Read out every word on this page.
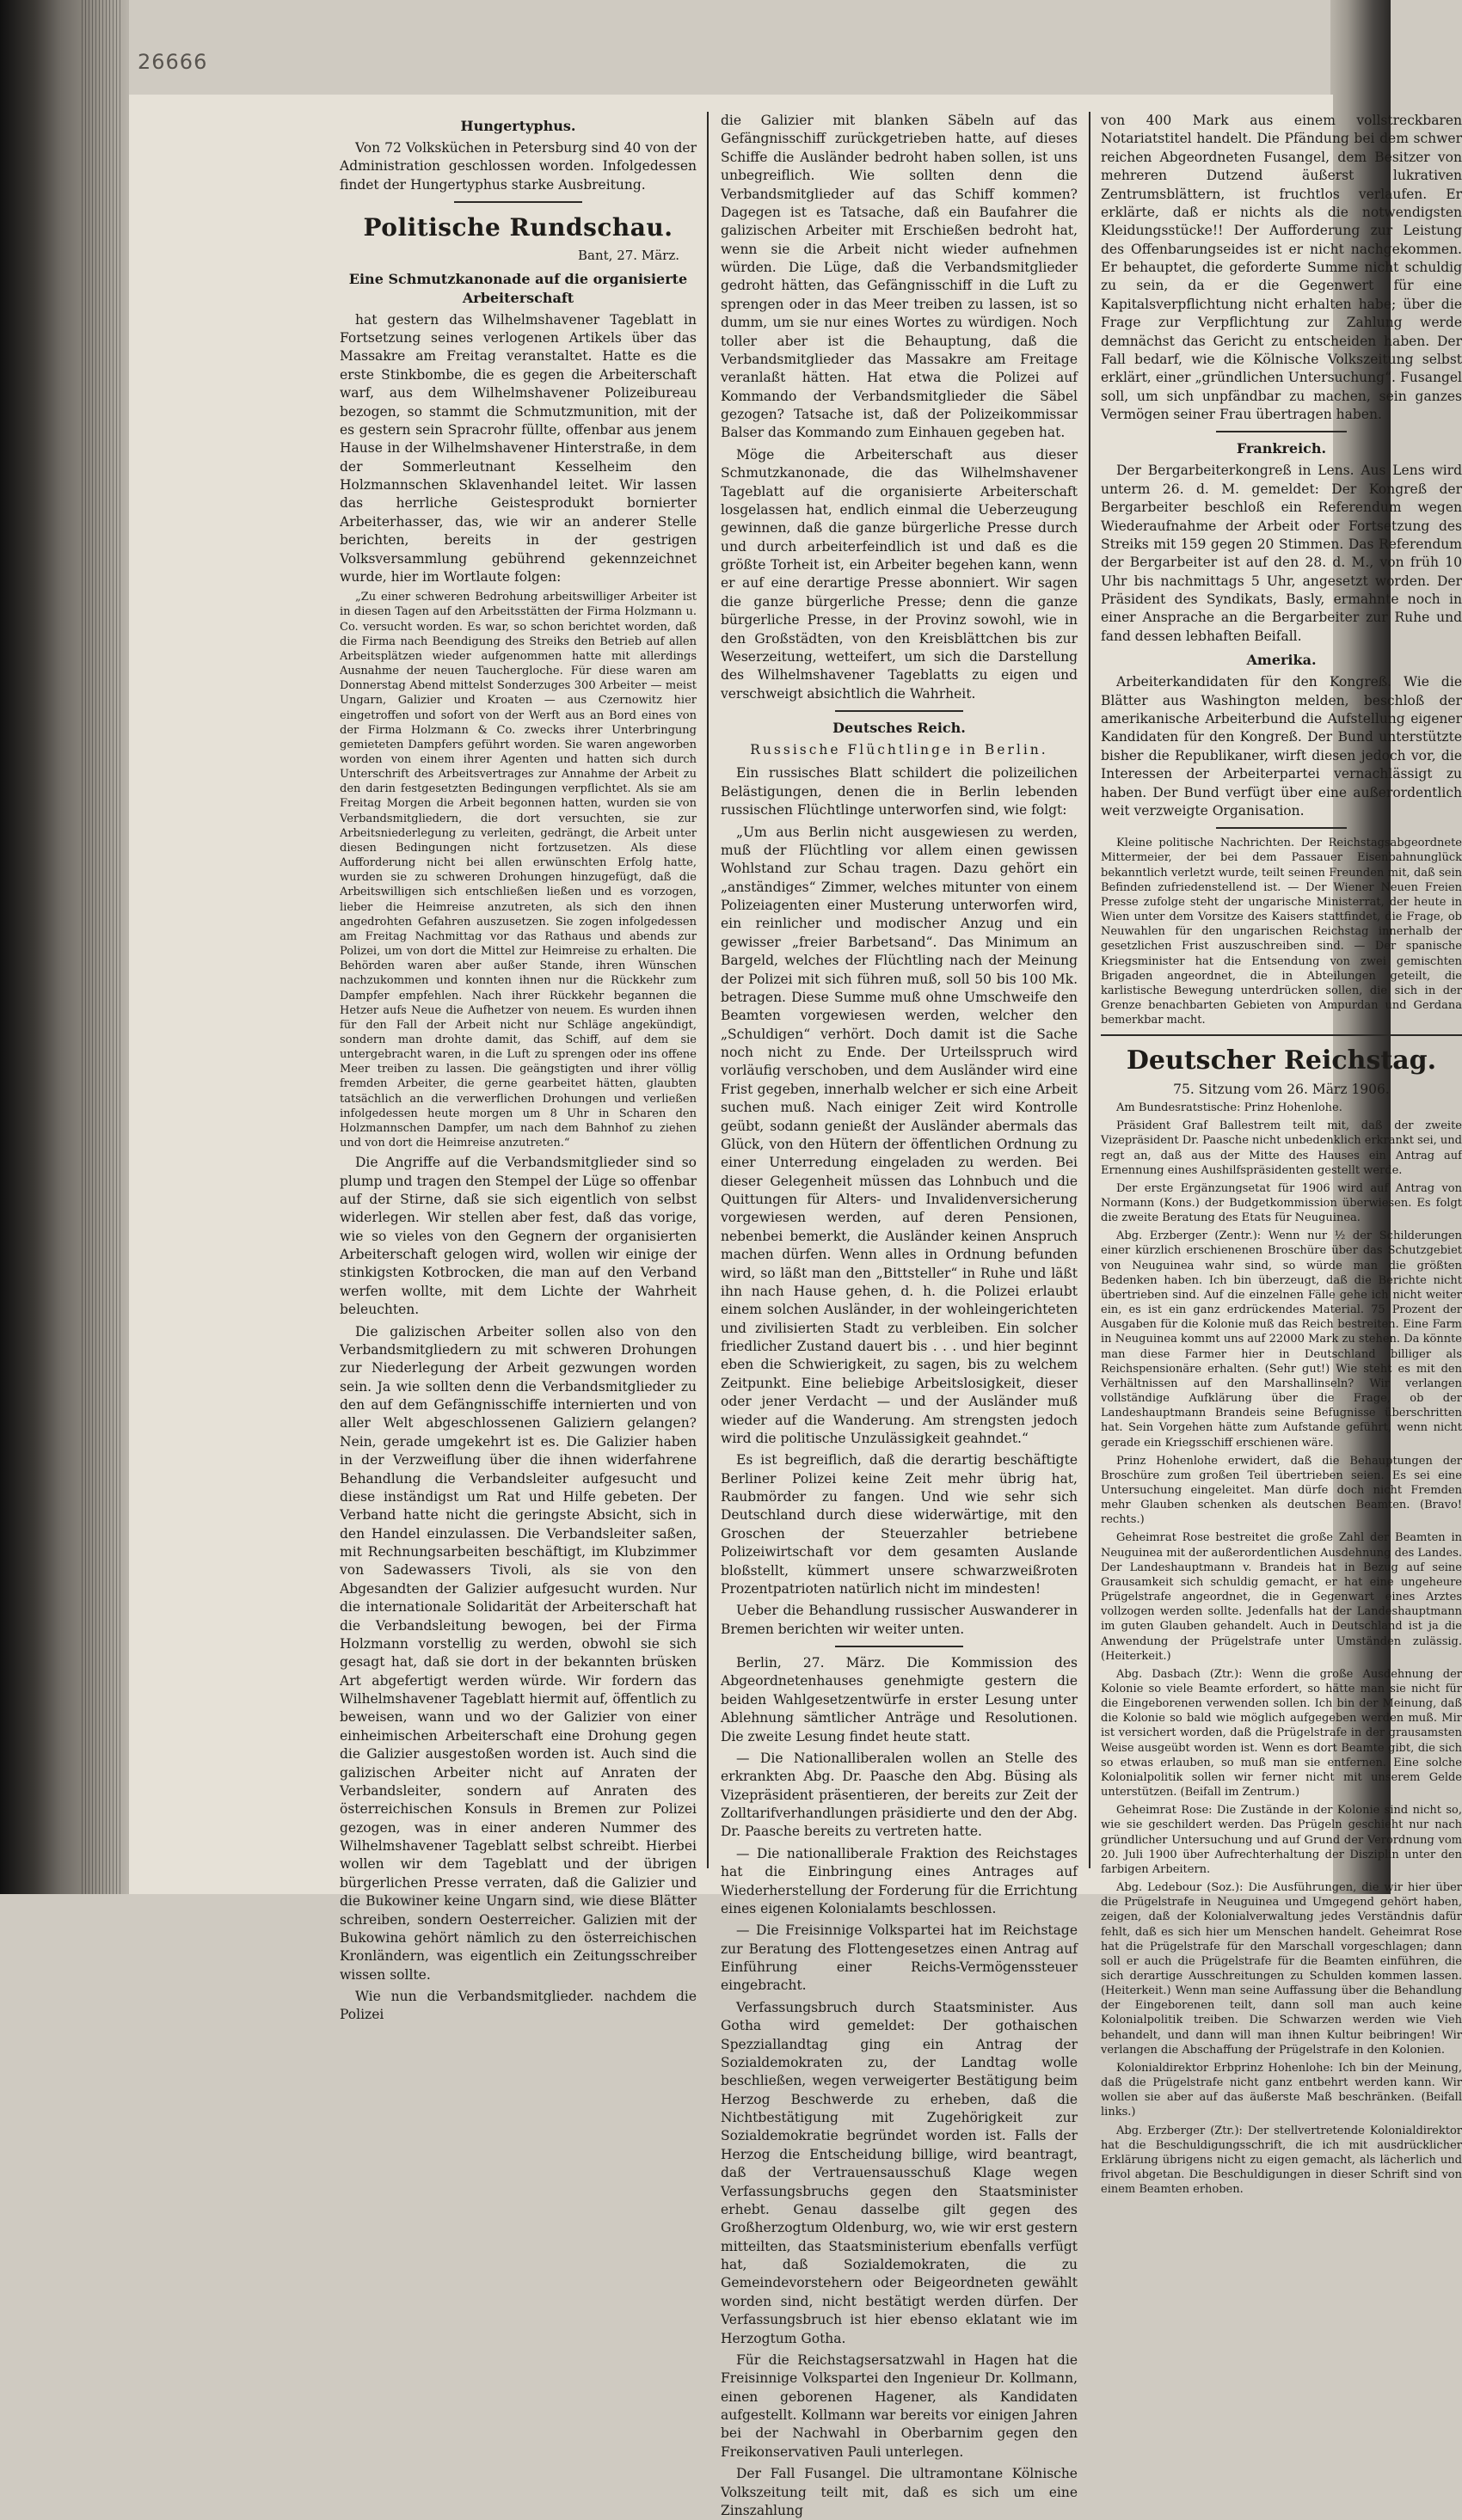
26666
Hungertyphus.

Von 72 Volksküchen in Petersburg sind 40 von der Administration geschlossen worden. Infolgedessen findet der Hungertyphus starke Ausbreitung.

Politische Rundschau.
Bant, 27. März.
Eine Schmutzkanonade auf die organisierte Arbeiterschaft

hat gestern das Wilhelmshavener Tageblatt in Fortsetzung seines verlogenen Artikels über das Massakre am Freitag veranstaltet. Hatte es die erste Stinkbombe, die es gegen die Arbeiterschaft warf, aus dem Wilhelmshavener Polizeibureau bezogen, so stammt die Schmutzmunition, mit der es gestern sein Spracrohr füllte, offenbar aus jenem Hause in der Wilhelmshavener Hinterstraße, in dem der Sommerleutnant Kesselheim den Holzmannschen Sklavenhandel leitet. Wir lassen das herrliche Geistesprodukt bornierter Arbeiterhasser, das, wie wir an anderer Stelle berichten, bereits in der gestrigen Volksversammlung gebührend gekennzeichnet wurde, hier im Wortlaute folgen:

„Zu einer schweren Bedrohung arbeitswilliger Arbeiter ist in diesen Tagen auf den Arbeitsstätten der Firma Holzmann u. Co. versucht worden. Es war, so schon berichtet worden, daß die Firma nach Beendigung des Streiks den Betrieb auf allen Arbeitsplätzen wieder aufgenommen hatte mit allerdings Ausnahme der neuen Tauchergloche. Für diese waren am Donnerstag Abend mittelst Sonderzuges 300 Arbeiter — meist Ungarn, Galizier und Kroaten — aus Czernowitz hier eingetroffen und sofort von der Werft aus an Bord eines von der Firma Holzmann & Co. zwecks ihrer Unterbringung gemieteten Dampfers geführt worden. Sie waren angeworben worden von einem ihrer Agenten und hatten sich durch Unterschrift des Arbeitsvertrages zur Annahme der Arbeit zu den darin festgesetzten Bedingungen verpflichtet. Als sie am Freitag Morgen die Arbeit begonnen hatten, wurden sie von Verbandsmitgliedern, die dort versuchten, sie zur Arbeitsniederlegung zu verleiten, gedrängt, die Arbeit unter diesen Bedingungen nicht fortzusetzen. Als diese Aufforderung nicht bei allen erwünschten Erfolg hatte, wurden sie zu schweren Drohungen hinzugefügt, daß die Arbeitswilligen sich entschließen ließen und es vorzogen, lieber die Heimreise anzutreten, als sich den ihnen angedrohten Gefahren auszusetzen. Sie zogen infolgedessen am Freitag Nachmittag vor das Rathaus und abends zur Polizei, um von dort die Mittel zur Heimreise zu erhalten. Die Behörden waren aber außer Stande, ihren Wünschen nachzukommen und konnten ihnen nur die Rückkehr zum Dampfer empfehlen. Nach ihrer Rückkehr begannen die Hetzer aufs Neue die Aufhetzer von neuem. Es wurden ihnen für den Fall der Arbeit nicht nur Schläge angekündigt, sondern man drohte damit, das Schiff, auf dem sie untergebracht waren, in die Luft zu sprengen oder ins offene Meer treiben zu lassen. Die geängstigten und ihrer völlig fremden Arbeiter, die gerne gearbeitet hätten, glaubten tatsächlich an die verwerflichen Drohungen und verließen infolgedessen heute morgen um 8 Uhr in Scharen den Holzmannschen Dampfer, um nach dem Bahnhof zu ziehen und von dort die Heimreise anzutreten.“

Die Angriffe auf die Verbandsmitglieder sind so plump und tragen den Stempel der Lüge so offenbar auf der Stirne, daß sie sich eigentlich von selbst widerlegen. Wir stellen aber fest, daß das vorige, wie so vieles von den Gegnern der organisierten Arbeiterschaft gelogen wird, wollen wir einige der stinkigsten Kotbrocken, die man auf den Verband werfen wollte, mit dem Lichte der Wahrheit beleuchten.

Die galizischen Arbeiter sollen also von den Verbandsmitgliedern zu mit schweren Drohungen zur Niederlegung der Arbeit gezwungen worden sein. Ja wie sollten denn die Verbandsmitglieder zu den auf dem Gefängnisschiffe internierten und von aller Welt abgeschlossenen Galiziern gelangen? Nein, gerade umgekehrt ist es. Die Galizier haben in der Verzweiflung über die ihnen widerfahrene Behandlung die Verbandsleiter aufgesucht und diese inständigst um Rat und Hilfe gebeten. Der Verband hatte nicht die geringste Absicht, sich in den Handel einzulassen. Die Verbandsleiter saßen, mit Rechnungsarbeiten beschäftigt, im Klubzimmer von Sadewassers Tivoli, als sie von den Abgesandten der Galizier aufgesucht wurden. Nur die internationale Solidarität der Arbeiterschaft hat die Verbandsleitung bewogen, bei der Firma Holzmann vorstellig zu werden, obwohl sie sich gesagt hat, daß sie dort in der bekannten brüsken Art abgefertigt werden würde. Wir fordern das Wilhelmshavener Tageblatt hiermit auf, öffentlich zu beweisen, wann und wo der Galizier von einer einheimischen Arbeiterschaft eine Drohung gegen die Galizier ausgestoßen worden ist. Auch sind die galizischen Arbeiter nicht auf Anraten der Verbandsleiter, sondern auf Anraten des österreichischen Konsuls in Bremen zur Polizei gezogen, was in einer anderen Nummer des Wilhelmshavener Tageblatt selbst schreibt. Hierbei wollen wir dem Tageblatt und der übrigen bürgerlichen Presse verraten, daß die Galizier und die Bukowiner keine Ungarn sind, wie diese Blätter schreiben, sondern Oesterreicher. Galizien mit der Bukowina gehört nämlich zu den österreichischen Kronländern, was eigentlich ein Zeitungsschreiber wissen sollte.

Wie nun die Verbandsmitglieder. nachdem die Polizei

die Galizier mit blanken Säbeln auf das Gefängnisschiff zurückgetrieben hatte, auf dieses Schiffe die Ausländer bedroht haben sollen, ist uns unbegreiflich. Wie sollten denn die Verbandsmitglieder auf das Schiff kommen? Dagegen ist es Tatsache, daß ein Baufahrer die galizischen Arbeiter mit Erschießen bedroht hat, wenn sie die Arbeit nicht wieder aufnehmen würden. Die Lüge, daß die Verbandsmitglieder gedroht hätten, das Gefängnisschiff in die Luft zu sprengen oder in das Meer treiben zu lassen, ist so dumm, um sie nur eines Wortes zu würdigen. Noch toller aber ist die Behauptung, daß die Verbandsmitglieder das Massakre am Freitage veranlaßt hätten. Hat etwa die Polizei auf Kommando der Verbandsmitglieder die Säbel gezogen? Tatsache ist, daß der Polizeikommissar Balser das Kommando zum Einhauen gegeben hat.

Möge die Arbeiterschaft aus dieser Schmutzkanonade, die das Wilhelmshavener Tageblatt auf die organisierte Arbeiterschaft losgelassen hat, endlich einmal die Ueberzeugung gewinnen, daß die ganze bürgerliche Presse durch und durch arbeiterfeindlich ist und daß es die größte Torheit ist, ein Arbeiter begehen kann, wenn er auf eine derartige Presse abonniert. Wir sagen die ganze bürgerliche Presse; denn die ganze bürgerliche Presse, in der Provinz sowohl, wie in den Großstädten, von den Kreisblättchen bis zur Weserzeitung, wetteifert, um sich die Darstellung des Wilhelmshavener Tageblatts zu eigen und verschweigt absichtlich die Wahrheit.

Deutsches Reich.
Russische Flüchtlinge in Berlin.

Ein russisches Blatt schildert die polizeilichen Belästigungen, denen die in Berlin lebenden russischen Flüchtlinge unterworfen sind, wie folgt:

„Um aus Berlin nicht ausgewiesen zu werden, muß der Flüchtling vor allem einen gewissen Wohlstand zur Schau tragen. Dazu gehört ein „anständiges“ Zimmer, welches mitunter von einem Polizeiagenten einer Musterung unterworfen wird, ein reinlicher und modischer Anzug und ein gewisser „freier Barbetsand“. Das Minimum an Bargeld, welches der Flüchtling nach der Meinung der Polizei mit sich führen muß, soll 50 bis 100 Mk. betragen. Diese Summe muß ohne Umschweife den Beamten vorgewiesen werden, welcher den „Schuldigen“ verhört. Doch damit ist die Sache noch nicht zu Ende. Der Urteilsspruch wird vorläufig verschoben, und dem Ausländer wird eine Frist gegeben, innerhalb welcher er sich eine Arbeit suchen muß. Nach einiger Zeit wird Kontrolle geübt, sodann genießt der Ausländer abermals das Glück, von den Hütern der öffentlichen Ordnung zu einer Unterredung eingeladen zu werden. Bei dieser Gelegenheit müssen das Lohnbuch und die Quittungen für Alters- und Invalidenversicherung vorgewiesen werden, auf deren Pensionen, nebenbei bemerkt, die Ausländer keinen Anspruch machen dürfen. Wenn alles in Ordnung befunden wird, so läßt man den „Bittsteller“ in Ruhe und läßt ihn nach Hause gehen, d. h. die Polizei erlaubt einem solchen Ausländer, in der wohleingerichteten und zivilisierten Stadt zu verbleiben. Ein solcher friedlicher Zustand dauert bis . . . und hier beginnt eben die Schwierigkeit, zu sagen, bis zu welchem Zeitpunkt. Eine beliebige Arbeitslosigkeit, dieser oder jener Verdacht — und der Ausländer muß wieder auf die Wanderung. Am strengsten jedoch wird die politische Unzulässigkeit geahndet.“

Es ist begreiflich, daß die derartig beschäftigte Berliner Polizei keine Zeit mehr übrig hat, Raubmörder zu fangen. Und wie sehr sich Deutschland durch diese widerwärtige, mit den Groschen der Steuerzahler betriebene Polizeiwirtschaft vor dem gesamten Auslande bloßstellt, kümmert unsere schwarzweißroten Prozentpatrioten natürlich nicht im mindesten!

Ueber die Behandlung russischer Auswanderer in Bremen berichten wir weiter unten.

Berlin, 27. März. Die Kommission des Abgeordnetenhauses genehmigte gestern die beiden Wahlgesetzentwürfe in erster Lesung unter Ablehnung sämtlicher Anträge und Resolutionen. Die zweite Lesung findet heute statt.

— Die Nationalliberalen wollen an Stelle des erkrankten Abg. Dr. Paasche den Abg. Büsing als Vizepräsident präsentieren, der bereits zur Zeit der Zolltarifverhandlungen präsidierte und den der Abg. Dr. Paasche bereits zu vertreten hatte.

— Die nationalliberale Fraktion des Reichstages hat die Einbringung eines Antrages auf Wiederherstellung der Forderung für die Errichtung eines eigenen Kolonialamts beschlossen.

— Die Freisinnige Volkspartei hat im Reichstage zur Beratung des Flottengesetzes einen Antrag auf Einführung einer Reichs-Vermögenssteuer eingebracht.

Verfassungsbruch durch Staatsminister. Aus Gotha wird gemeldet: Der gothaischen Spezziallandtag ging ein Antrag der Sozialdemokraten zu, der Landtag wolle beschließen, wegen verweigerter Bestätigung beim Herzog Beschwerde zu erheben, daß die Nichtbestätigung mit Zugehörigkeit zur Sozialdemokratie begründet worden ist. Falls der Herzog die Entscheidung billige, wird beantragt, daß der Vertrauensausschuß Klage wegen Verfassungsbruchs gegen den Staatsminister erhebt. Genau dasselbe gilt gegen des Großherzogtum Oldenburg, wo, wie wir erst gestern mitteilten, das Staatsministerium ebenfalls verfügt hat, daß Sozialdemokraten, die zu Gemeindevorstehern oder Beigeordneten gewählt worden sind, nicht bestätigt werden dürfen. Der Verfassungsbruch ist hier ebenso eklatant wie im Herzogtum Gotha.

Für die Reichstagsersatzwahl in Hagen hat die Freisinnige Volkspartei den Ingenieur Dr. Kollmann, einen geborenen Hagener, als Kandidaten aufgestellt. Kollmann war bereits vor einigen Jahren bei der Nachwahl in Oberbarnim gegen den Freikonservativen Pauli unterlegen.

Der Fall Fusangel. Die ultramontane Kölnische Volkszeitung teilt mit, daß es sich um eine Zinszahlung

von 400 Mark aus einem vollstreckbaren Notariatstitel handelt. Die Pfändung bei dem schwer reichen Abgeordneten Fusangel, dem Besitzer von mehreren Dutzend äußerst lukrativen Zentrumsblättern, ist fruchtlos verlaufen. Er erklärte, daß er nichts als die notwendigsten Kleidungsstücke!! Der Aufforderung zur Leistung des Offenbarungseides ist er nicht nachgekommen. Er behauptet, die geforderte Summe nicht schuldig zu sein, da er die Gegenwert für eine Kapitalsverpflichtung nicht erhalten habe; über die Frage zur Verpflichtung zur Zahlung werde demnächst das Gericht zu entscheiden haben. Der Fall bedarf, wie die Kölnische Volkszeitung selbst erklärt, einer „gründlichen Untersuchung“. Fusangel soll, um sich unpfändbar zu machen, sein ganzes Vermögen seiner Frau übertragen haben.

Frankreich.

Der Bergarbeiterkongreß in Lens. Aus Lens wird unterm 26. d. M. gemeldet: Der Kongreß der Bergarbeiter beschloß ein Referendum wegen Wiederaufnahme der Arbeit oder Fortsetzung des Streiks mit 159 gegen 20 Stimmen. Das Referendum der Bergarbeiter ist auf den 28. d. M., von früh 10 Uhr bis nachmittags 5 Uhr, angesetzt worden. Der Präsident des Syndikats, Basly, ermahnte noch in einer Ansprache an die Bergarbeiter zur Ruhe und fand dessen lebhaften Beifall.

Amerika.

Arbeiterkandidaten für den Kongreß. Wie die Blätter aus Washington melden, beschloß der amerikanische Arbeiterbund die Aufstellung eigener Kandidaten für den Kongreß. Der Bund unterstützte bisher die Republikaner, wirft diesen jedoch vor, die Interessen der Arbeiterpartei vernachlässigt zu haben. Der Bund verfügt über eine außerordentlich weit verzweigte Organisation.

Kleine politische Nachrichten. Der Reichstagsabgeordnete Mittermeier, der bei dem Passauer Eisenbahnunglück bekanntlich verletzt wurde, teilt seinen Freunden mit, daß sein Befinden zufriedenstellend ist. — Der Wiener Neuen Freien Presse zufolge steht der ungarische Ministerrat, der heute in Wien unter dem Vorsitze des Kaisers stattfindet, die Frage, ob Neuwahlen für den ungarischen Reichstag innerhalb der gesetzlichen Frist auszuschreiben sind. — Der spanische Kriegsminister hat die Entsendung von zwei gemischten Brigaden angeordnet, die in Abteilungen geteilt, die karlistische Bewegung unterdrücken sollen, die sich in der Grenze benachbarten Gebieten von Ampurdan und Gerdana bemerkbar macht.

Deutscher Reichstag.
75. Sitzung vom 26. März 1906.

Am Bundesratstische: Prinz Hohenlohe.

Präsident Graf Ballestrem teilt mit, daß der zweite Vizepräsident Dr. Paasche nicht unbedenklich erkrankt sei, und regt an, daß aus der Mitte des Hauses ein Antrag auf Ernennung eines Aushilfspräsidenten gestellt werde.

Der erste Ergänzungsetat für 1906 wird auf Antrag von Normann (Kons.) der Budgetkommission überwiesen. Es folgt die zweite Beratung des Etats für Neuguinea.

Abg. Erzberger (Zentr.): Wenn nur ½ der Schilderungen einer kürzlich erschienenen Broschüre über das Schutzgebiet von Neuguinea wahr sind, so würde man die größten Bedenken haben. Ich bin überzeugt, daß die Berichte nicht übertrieben sind. Auf die einzelnen Fälle gehe ich nicht weiter ein, es ist ein ganz erdrückendes Material. 75 Prozent der Ausgaben für die Kolonie muß das Reich bestreiten. Eine Farm in Neuguinea kommt uns auf 22000 Mark zu stehen. Da könnte man diese Farmer hier in Deutschland billiger als Reichspensionäre erhalten. (Sehr gut!) Wie steht es mit den Verhältnissen auf den Marshallinseln? Wir verlangen vollständige Aufklärung über die Frage, ob der Landeshauptmann Brandeis seine Befugnisse überschritten hat. Sein Vorgehen hätte zum Aufstande geführt, wenn nicht gerade ein Kriegsschiff erschienen wäre.

Prinz Hohenlohe erwidert, daß die Behauptungen der Broschüre zum großen Teil übertrieben seien. Es sei eine Untersuchung eingeleitet. Man dürfe doch nicht Fremden mehr Glauben schenken als deutschen Beamten. (Bravo! rechts.)

Geheimrat Rose bestreitet die große Zahl der Beamten in Neuguinea mit der außerordentlichen Ausdehnung des Landes. Der Landeshauptmann v. Brandeis hat in Bezug auf seine Grausamkeit sich schuldig gemacht, er hat eine ungeheure Prügelstrafe angeordnet, die in Gegenwart eines Arztes vollzogen werden sollte. Jedenfalls hat der Landeshauptmann im guten Glauben gehandelt. Auch in Deutschland ist ja die Anwendung der Prügelstrafe unter Umständen zulässig. (Heiterkeit.)

Abg. Dasbach (Ztr.): Wenn die große Ausdehnung der Kolonie so viele Beamte erfordert, so hätte man sie nicht für die Eingeborenen verwenden sollen. Ich bin der Meinung, daß die Kolonie so bald wie möglich aufgegeben werden muß. Mir ist versichert worden, daß die Prügelstrafe in der grausamsten Weise ausgeübt worden ist. Wenn es dort Beamte gibt, die sich so etwas erlauben, so muß man sie entfernen. Eine solche Kolonialpolitik sollen wir ferner nicht mit unserem Gelde unterstützen. (Beifall im Zentrum.)

Geheimrat Rose: Die Zustände in der Kolonie sind nicht so, wie sie geschildert werden. Das Prügeln geschieht nur nach gründlicher Untersuchung und auf Grund der Verordnung vom 20. Juli 1900 über Aufrechterhaltung der Disziplin unter den farbigen Arbeitern.

Abg. Ledebour (Soz.): Die Ausführungen, die wir hier über die Prügelstrafe in Neuguinea und Umgegend gehört haben, zeigen, daß der Kolonialverwaltung jedes Verständnis dafür fehlt, daß es sich hier um Menschen handelt. Geheimrat Rose hat die Prügelstrafe für den Marschall vorgeschlagen; dann soll er auch die Prügelstrafe für die Beamten einführen, die sich derartige Ausschreitungen zu Schulden kommen lassen. (Heiterkeit.) Wenn man seine Auffassung über die Behandlung der Eingeborenen teilt, dann soll man auch keine Kolonialpolitik treiben. Die Schwarzen werden wie Vieh behandelt, und dann will man ihnen Kultur beibringen! Wir verlangen die Abschaffung der Prügelstrafe in den Kolonien.

Kolonialdirektor Erbprinz Hohenlohe: Ich bin der Meinung, daß die Prügelstrafe nicht ganz entbehrt werden kann. Wir wollen sie aber auf das äußerste Maß beschränken. (Beifall links.)

Abg. Erzberger (Ztr.): Der stellvertretende Kolonialdirektor hat die Beschuldigungsschrift, die ich mit ausdrücklicher Erklärung übrigens nicht zu eigen gemacht, als lächerlich und frivol abgetan. Die Beschuldigungen in dieser Schrift sind von einem Beamten erhoben.
